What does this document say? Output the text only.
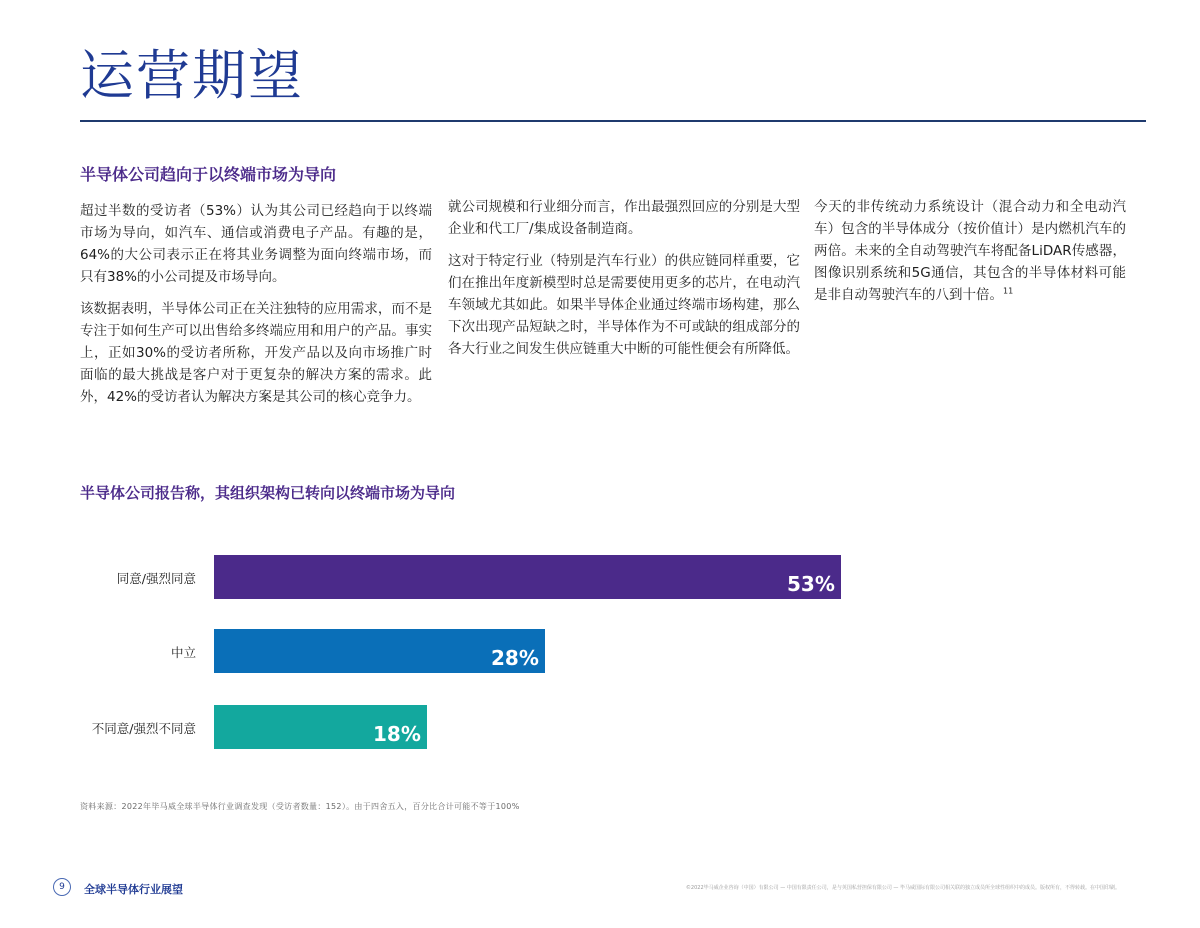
运营期望
半导体公司趋向于以终端市场为导向

超过半数的受访者（53%）认为其公司已经趋向于以终端市场为导向，如汽车、通信或消费电子产品。有趣的是，64%的大公司表示正在将其业务调整为面向终端市场，而只有38%的小公司提及市场导向。

该数据表明，半导体公司正在关注独特的应用需求，而不是专注于如何生产可以出售给多终端应用和用户的产品。事实上，正如30%的受访者所称，开发产品以及向市场推广时面临的最大挑战是客户对于更复杂的解决方案的需求。此外，42%的受访者认为解决方案是其公司的核心竞争力。

就公司规模和行业细分而言，作出最强烈回应的分别是大型企业和代工厂/集成设备制造商。

这对于特定行业（特别是汽车行业）的供应链同样重要，它们在推出年度新模型时总是需要使用更多的芯片，在电动汽车领域尤其如此。如果半导体企业通过终端市场构建，那么下次出现产品短缺之时，半导体作为不可或缺的组成部分的各大行业之间发生供应链重大中断的可能性便会有所降低。

今天的非传统动力系统设计（混合动力和全电动汽车）包含的半导体成分（按价值计）是内燃机汽车的两倍。未来的全自动驾驶汽车将配备LiDAR传感器，图像识别系统和5G通信，其包含的半导体材料可能是非自动驾驶汽车的八到十倍。$^{11}$

半导体公司报告称，其组织架构已转向以终端市场为导向
同意/强烈同意	53%
中立	28%
不同意/强烈不同意	18%
资料来源：2022年毕马威全球半导体行业调查发现（受访者数量：152）。由于四舍五入，百分比合计可能不等于100%
9	全球半导体行业展望	©2022毕马威企业咨询（中国）有限公司 — 中国有限责任公司，是与英国私营担保有限公司 — 毕马威国际有限公司相关联的独立成员所全球性组织中的成员。版权所有，不得转载。在中国印刷。
